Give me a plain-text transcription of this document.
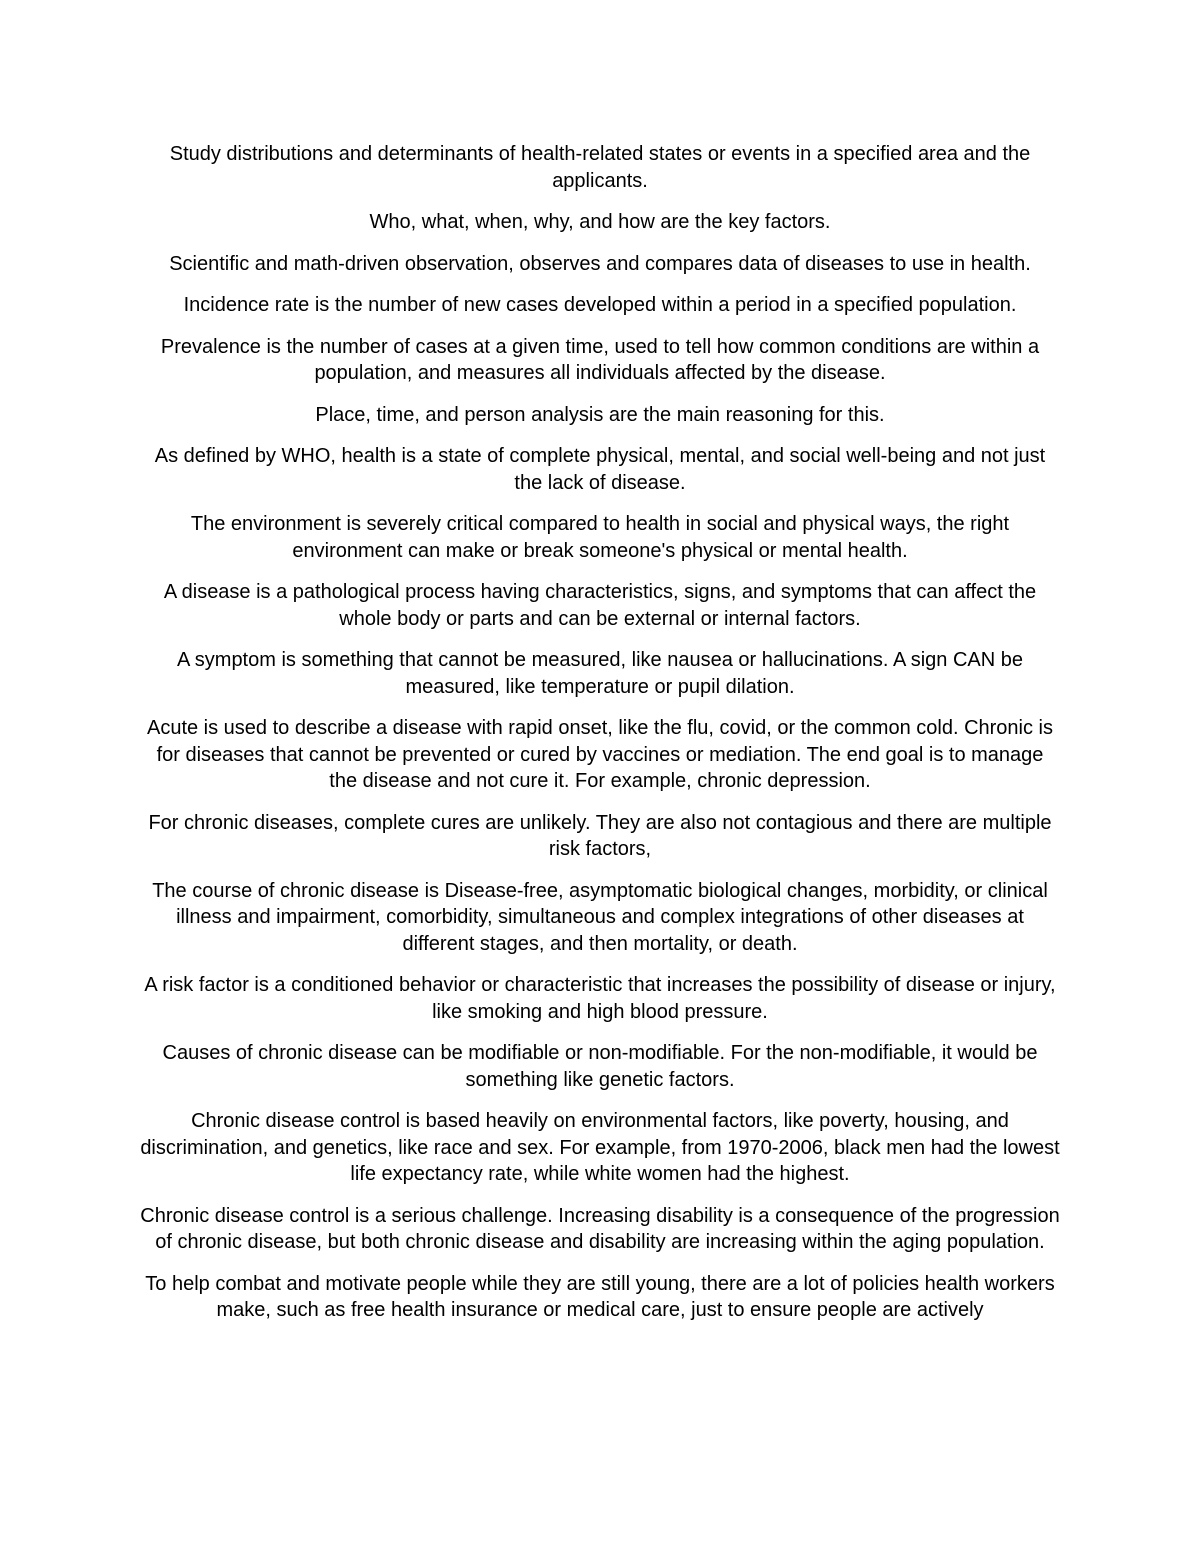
Study distributions and determinants of health-related states or events in a specified area and the applicants.

Who, what, when, why, and how are the key factors.

Scientific and math-driven observation, observes and compares data of diseases to use in health.

Incidence rate is the number of new cases developed within a period in a specified population.

Prevalence is the number of cases at a given time, used to tell how common conditions are within a population, and measures all individuals affected by the disease.

Place, time, and person analysis are the main reasoning for this.

As defined by WHO, health is a state of complete physical, mental, and social well-being and not just the lack of disease.

The environment is severely critical compared to health in social and physical ways, the right environment can make or break someone's physical or mental health.

A disease is a pathological process having characteristics, signs, and symptoms that can affect the whole body or parts and can be external or internal factors.

A symptom is something that cannot be measured, like nausea or hallucinations. A sign CAN be measured, like temperature or pupil dilation.

Acute is used to describe a disease with rapid onset, like the flu, covid, or the common cold. Chronic is for diseases that cannot be prevented or cured by vaccines or mediation. The end goal is to manage the disease and not cure it. For example, chronic depression.

For chronic diseases, complete cures are unlikely. They are also not contagious and there are multiple risk factors,

The course of chronic disease is Disease-free, asymptomatic biological changes, morbidity, or clinical illness and impairment, comorbidity, simultaneous and complex integrations of other diseases at different stages, and then mortality, or death.

A risk factor is a conditioned behavior or characteristic that increases the possibility of disease or injury, like smoking and high blood pressure.

Causes of chronic disease can be modifiable or non-modifiable. For the non-modifiable, it would be something like genetic factors.

Chronic disease control is based heavily on environmental factors, like poverty, housing, and discrimination, and genetics, like race and sex. For example, from 1970-2006, black men had the lowest life expectancy rate, while white women had the highest.

Chronic disease control is a serious challenge. Increasing disability is a consequence of the progression of chronic disease, but both chronic disease and disability are increasing within the aging population.

To help combat and motivate people while they are still young, there are a lot of policies health workers make, such as free health insurance or medical care, just to ensure people are actively
